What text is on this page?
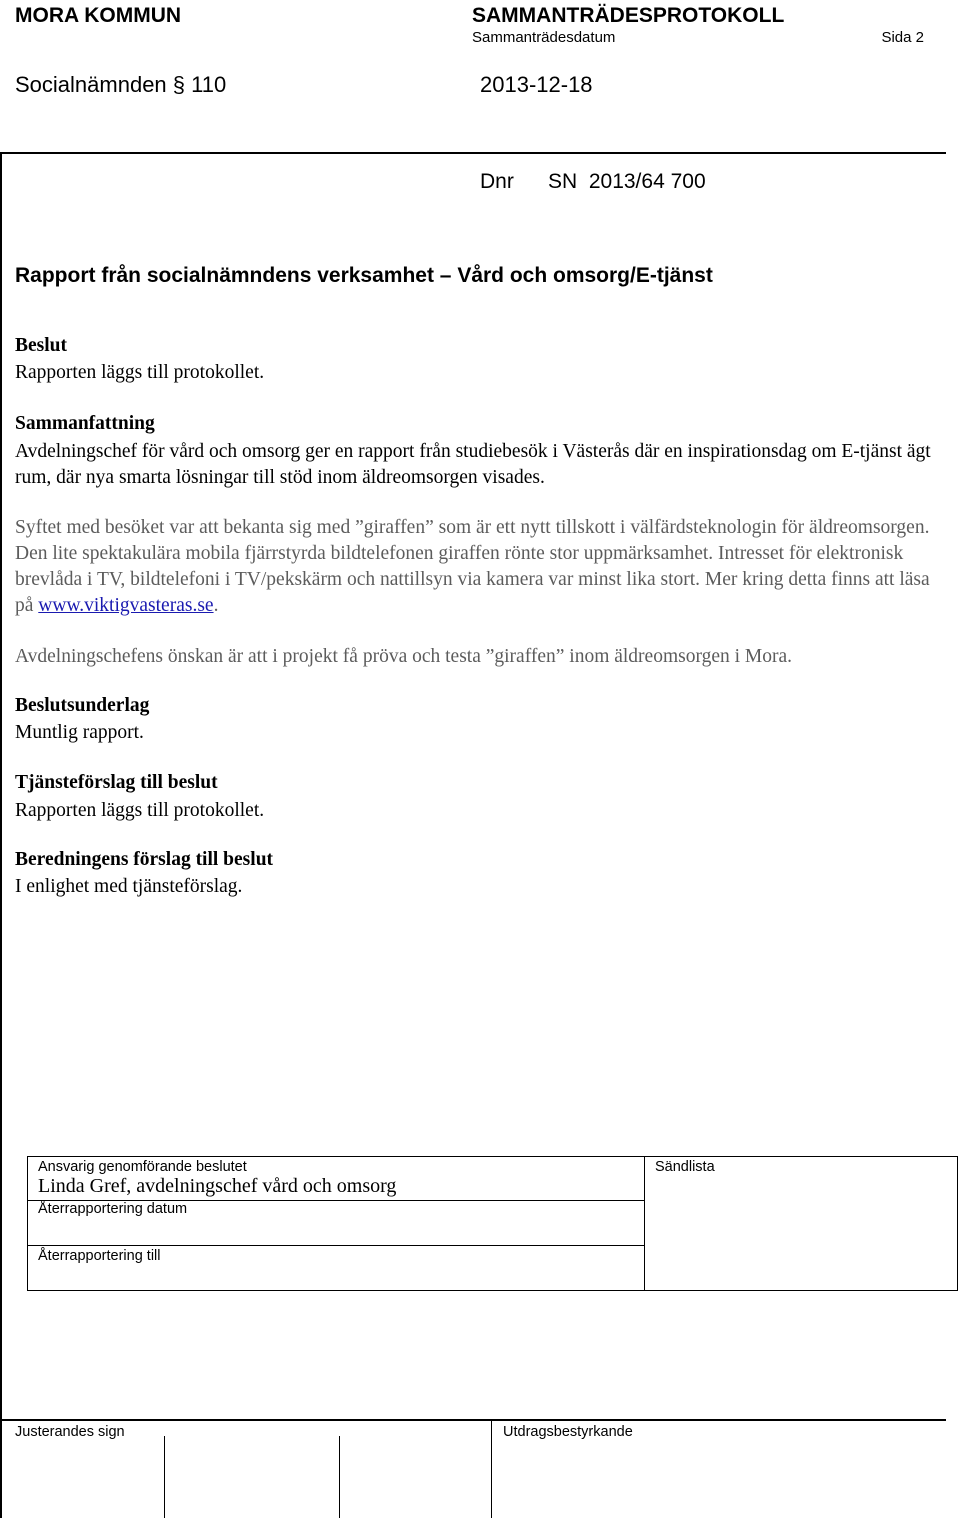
MORA KOMMUN	SAMMANTRÄDESPROTOKOLL
Sammanträdesdatum	Sida 2
Socialnämnden § 110	2013-12-18
Dnr SN  2013/64 700
Rapport från socialnämndens verksamhet – Vård och omsorg/E-tjänst
Beslut
Rapporten läggs till protokollet.
Sammanfattning
Avdelningschef för vård och omsorg ger en rapport från studiebesök i Västerås där en inspirationsdag om E-tjänst ägt rum, där nya smarta lösningar till stöd inom äldreomsorgen visades.
Syftet med besöket var att bekanta sig med ”giraffen” som är ett nytt tillskott i välfärdsteknologin för äldreomsorgen. Den lite spektakulära mobila fjärrstyrda bildtelefonen giraffen rönte stor uppmärksamhet. Intresset för elektronisk brevlåda i TV, bildtelefoni i TV/pekskärm och nattillsyn via kamera var minst lika stort. Mer kring detta finns att läsa på www.viktigvasteras.se.
Avdelningschefens önskan är att i projekt få pröva och testa ”giraffen” inom äldreomsorgen i Mora.
Beslutsunderlag
Muntlig rapport.
Tjänsteförslag till beslut
Rapporten läggs till protokollet.
Beredningens förslag till beslut
I enlighet med tjänsteförslag.
Ansvarig genomförande beslutet
Linda Gref, avdelningschef vård och omsorg

Sändlista

Återrapportering datum

Återrapportering till
Justerandes sign	Utdragsbestyrkande
